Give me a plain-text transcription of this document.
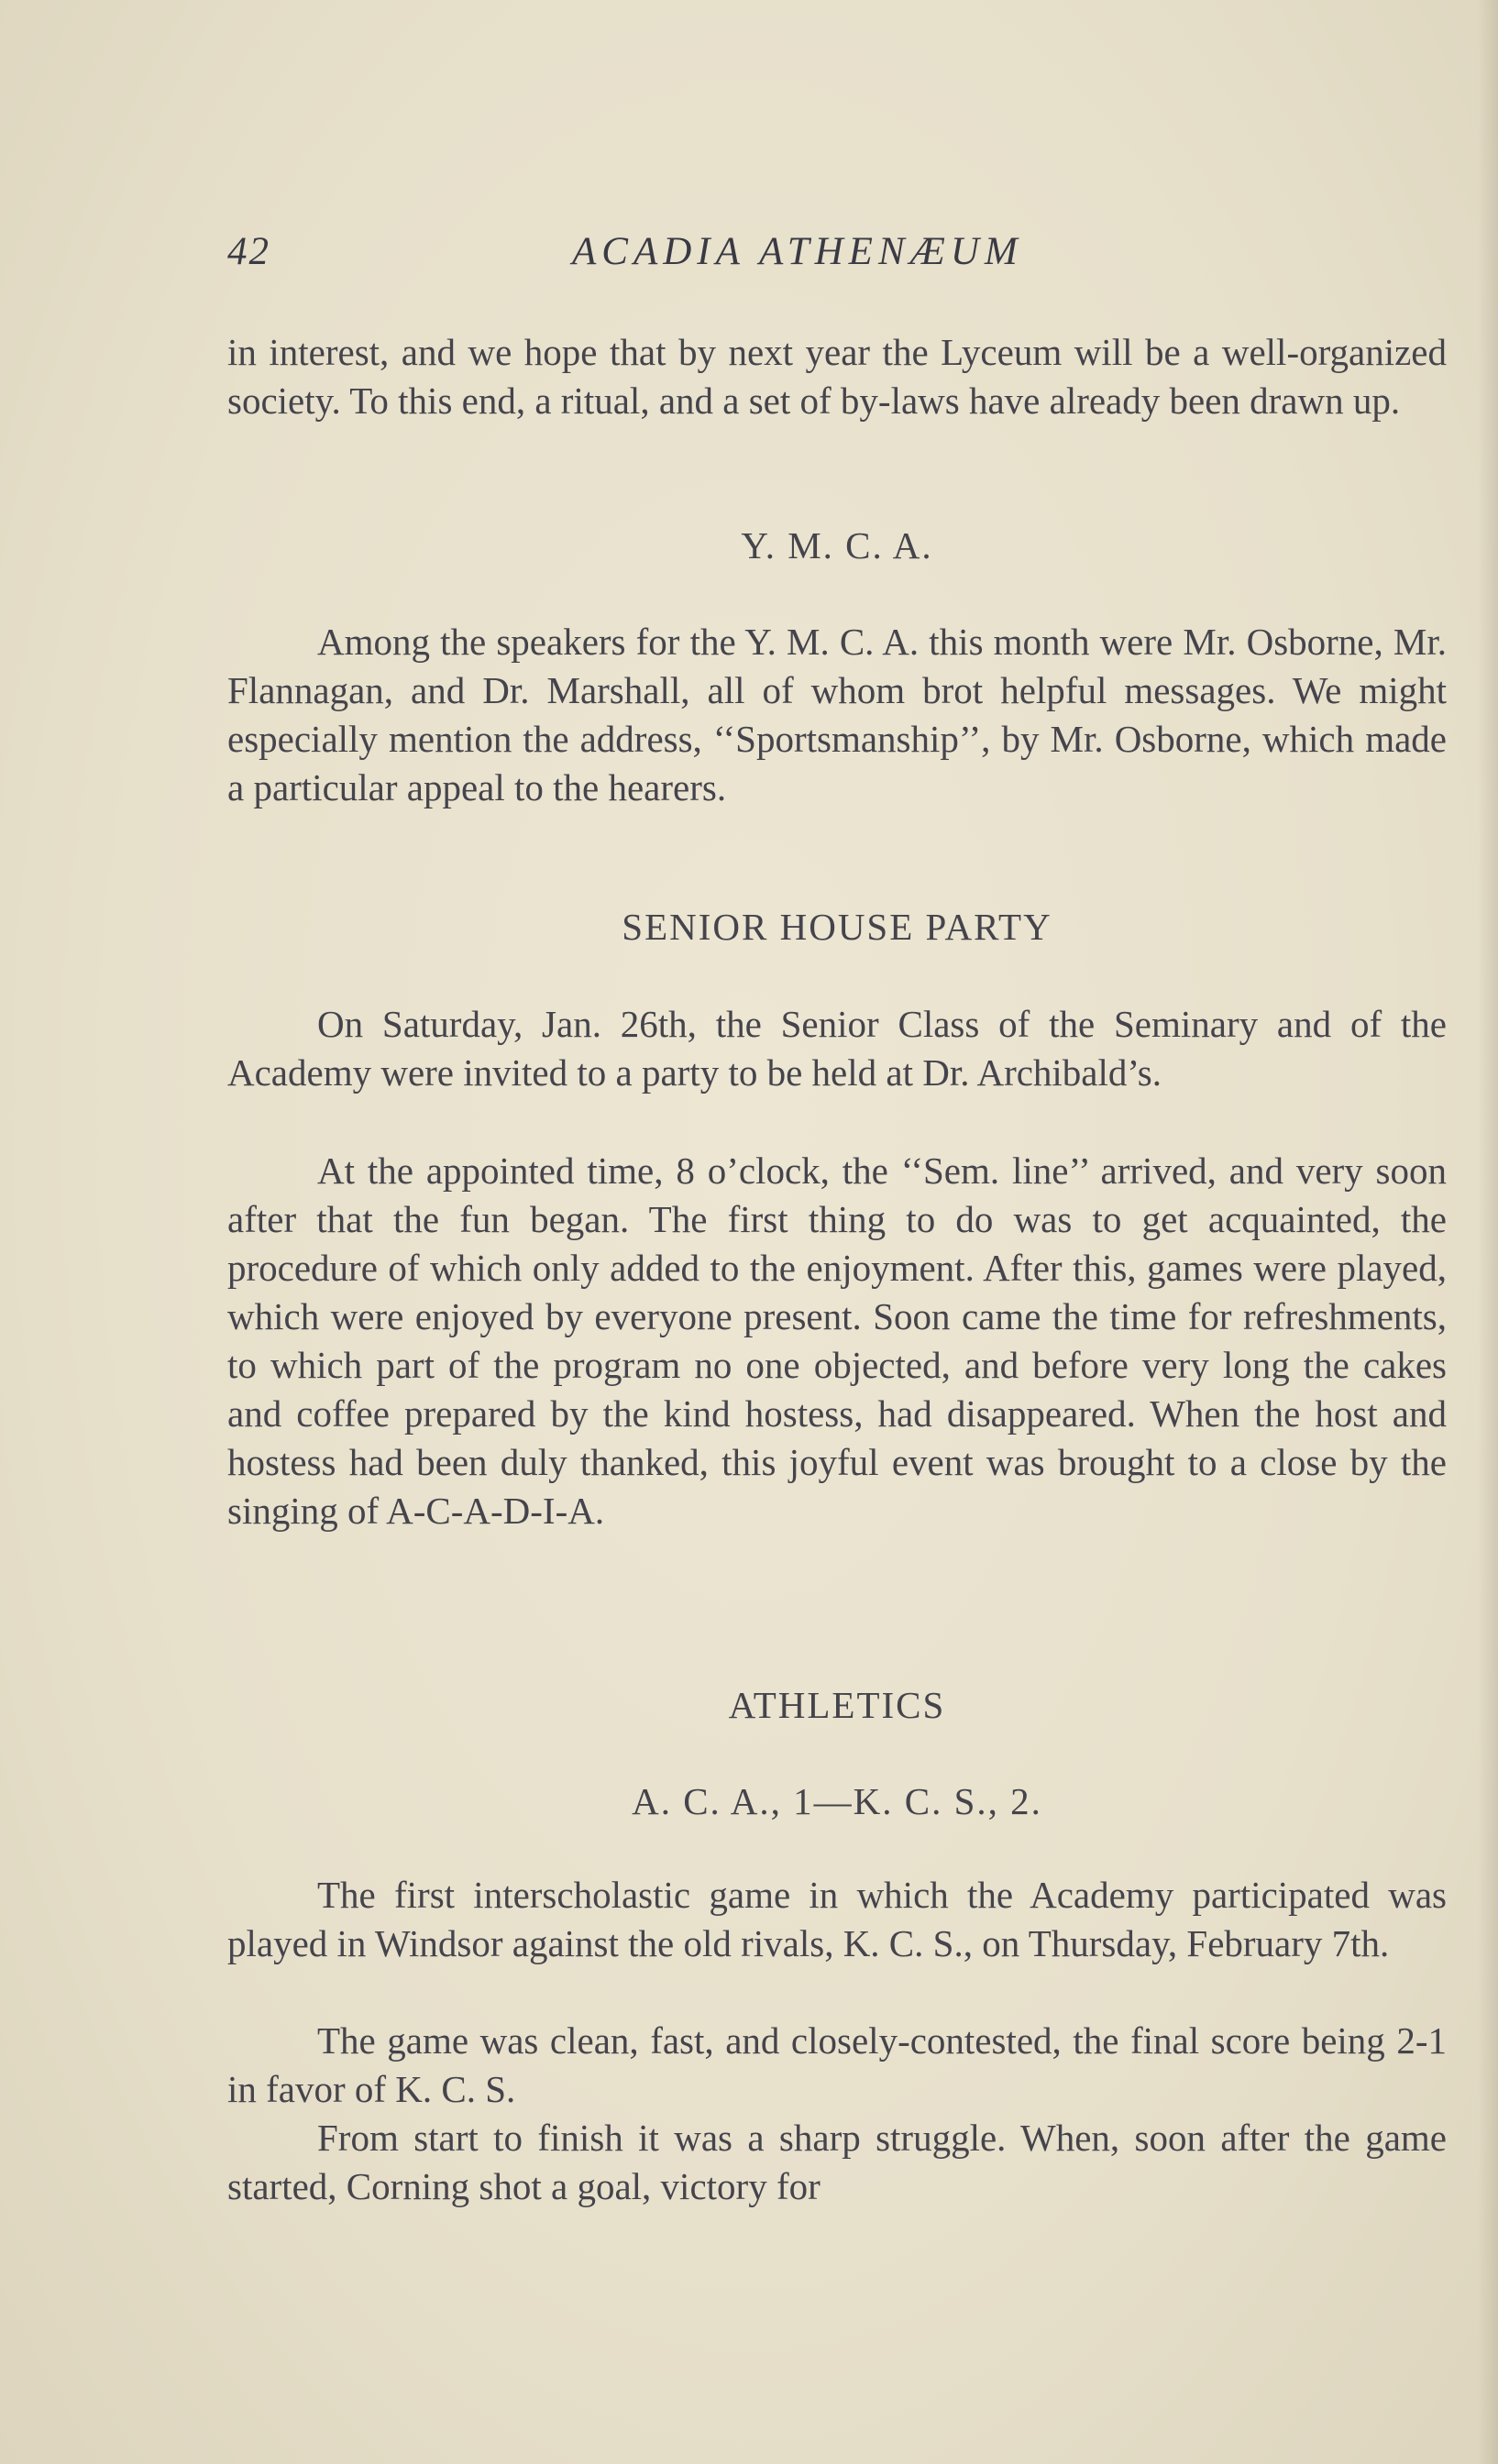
42	ACADIA ATHENÆUM

in interest, and we hope that by next year the Lyceum will be a well-organized society. To this end, a ritual, and a set of by-laws have already been drawn up.

Y. M. C. A.

Among the speakers for the Y. M. C. A. this month were Mr. Osborne, Mr. Flannagan, and Dr. Marshall, all of whom brot helpful messages. We might especially mention the address, ‘‘Sportsmanship’’, by Mr. Osborne, which made a particular appeal to the hearers.

SENIOR HOUSE PARTY

On Saturday, Jan. 26th, the Senior Class of the Seminary and of the Academy were invited to a party to be held at Dr. Archibald’s.

At the appointed time, 8 o’clock, the ‘‘Sem. line’’ arrived, and very soon after that the fun began. The first thing to do was to get acquainted, the procedure of which only added to the enjoyment. After this, games were played, which were enjoyed by everyone present. Soon came the time for refreshments, to which part of the program no one objected, and before very long the cakes and coffee prepared by the kind hostess, had disappeared. When the host and hostess had been duly thanked, this joyful event was brought to a close by the singing of A-C-A-D-I-A.

ATHLETICS

A. C. A., 1—K. C. S., 2.

The first interscholastic game in which the Academy participated was played in Windsor against the old rivals, K. C. S., on Thursday, February 7th.

The game was clean, fast, and closely-contested, the final score being 2-1 in favor of K. C. S.

From start to finish it was a sharp struggle. When, soon after the game started, Corning shot a goal, victory for
